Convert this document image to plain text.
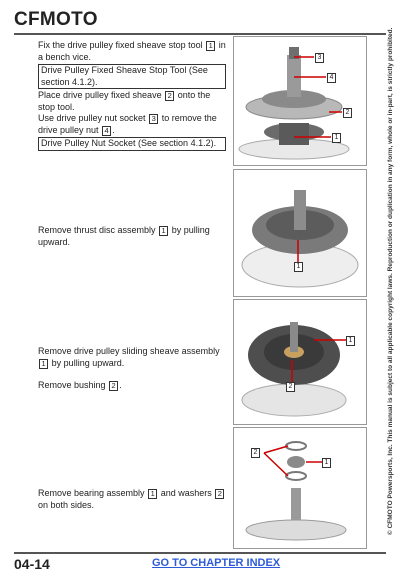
CFMOTO
Fix the drive pulley fixed sheave stop tool 1 in a bench vice.
Drive Pulley Fixed Sheave Stop Tool (See section 4.1.2).
Place drive pulley fixed sheave 2 onto the stop tool.
Use drive pulley nut socket 3 to remove the drive pulley nut 4 .
Drive Pulley Nut Socket (See section 4.1.2).
3
4
2
1
1
Remove thrust disc assembly 1 by pulling upward.
1
2
Remove drive pulley sliding sheave assembly 1 by pulling upward.
Remove bushing 2 .
2
1
Remove bearing assembly 1 and washers 2 on both sides.	© CFMOTO Powersports, Inc. This manual is subject to all applicable copyright laws. Reproduction or duplication in any form, whole or in-part, is strictly prohibited.
04-14	GO TO CHAPTER INDEX
